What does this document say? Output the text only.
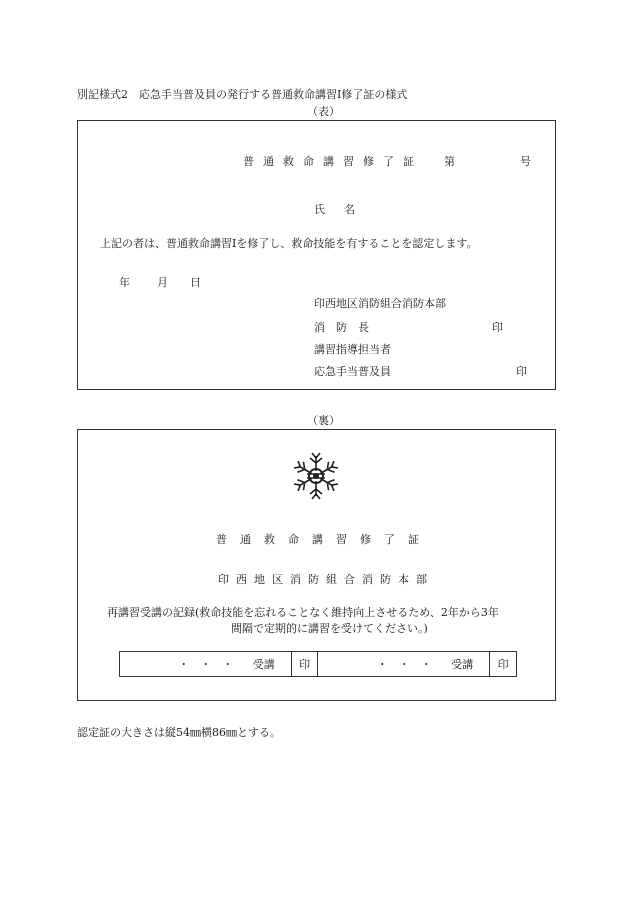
別記様式2　応急手当普及員の発行する普通救命講習Ⅰ修了証の様式
（表）
普通救命講習修了証 第	号
氏　名
上記の者は、普通救命講習Ⅰを修了し、救命技能を有することを認定します。
年 月 日
印西地区消防組合消防本部
消　防　長	印
講習指導担当者
応急手当普及員	印
（裏）
普通救命講習修了証
印西地区消防組合消防本部
再講習受講の記録(救命技能を忘れることなく維持向上させるため、2年から3年
間隔で定期的に講習を受けてください。)
・　・　・ 受講	印	・　・　・ 受講	印
認定証の大きさは縦54㎜横86㎜とする。
